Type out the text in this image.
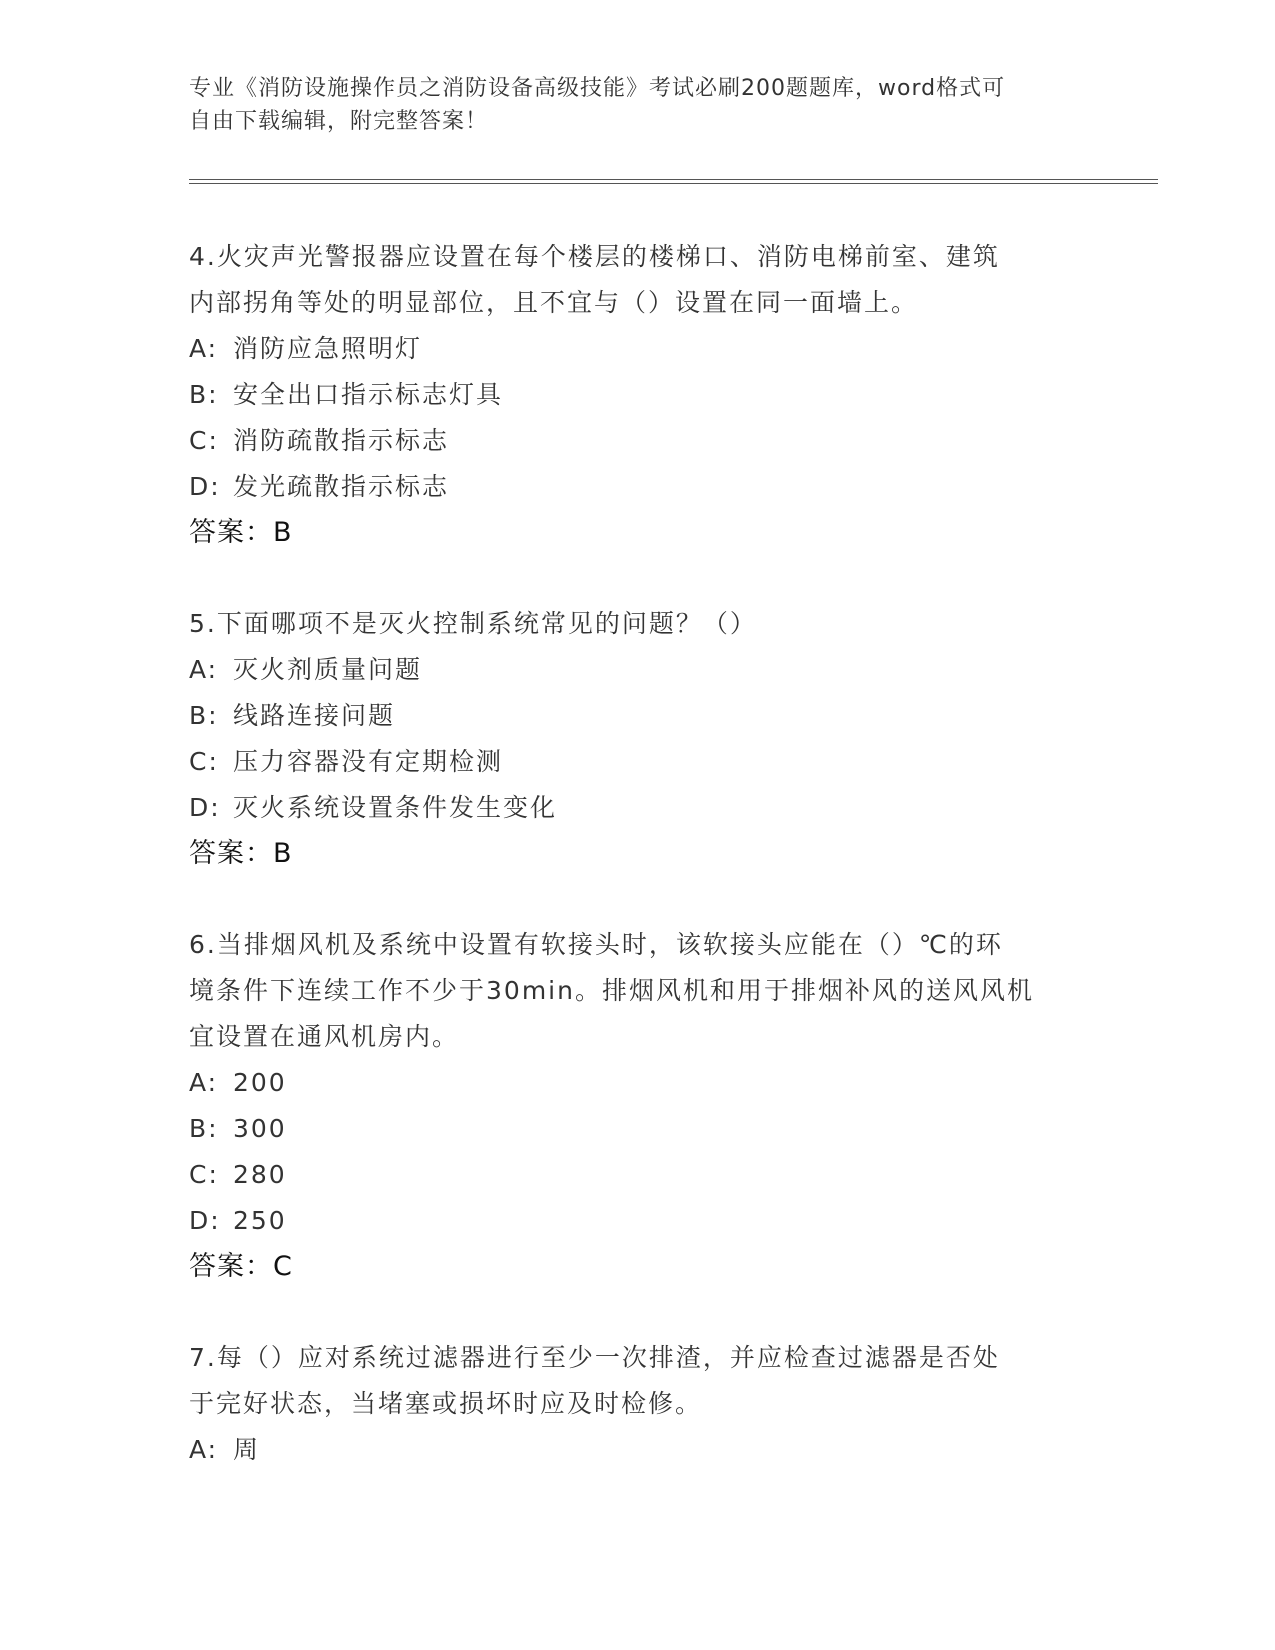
专业《消防设施操作员之消防设备高级技能》考试必刷200题题库，word格式可
自由下载编辑，附完整答案！
4.火灾声光警报器应设置在每个楼层的楼梯口、消防电梯前室、建筑
内部拐角等处的明显部位，且不宜与（）设置在同一面墙上。
A: 消防应急照明灯
B: 安全出口指示标志灯具
C: 消防疏散指示标志
D: 发光疏散指示标志
答案：B
5.下面哪项不是灭火控制系统常见的问题？（）
A: 灭火剂质量问题
B: 线路连接问题
C: 压力容器没有定期检测
D: 灭火系统设置条件发生变化
答案：B
6.当排烟风机及系统中设置有软接头时，该软接头应能在（）℃的环
境条件下连续工作不少于30min。排烟风机和用于排烟补风的送风风机
宜设置在通风机房内。
A: 200
B: 300
C: 280
D: 250
答案：C
7.每（）应对系统过滤器进行至少一次排渣，并应检查过滤器是否处
于完好状态，当堵塞或损坏时应及时检修。
A: 周
